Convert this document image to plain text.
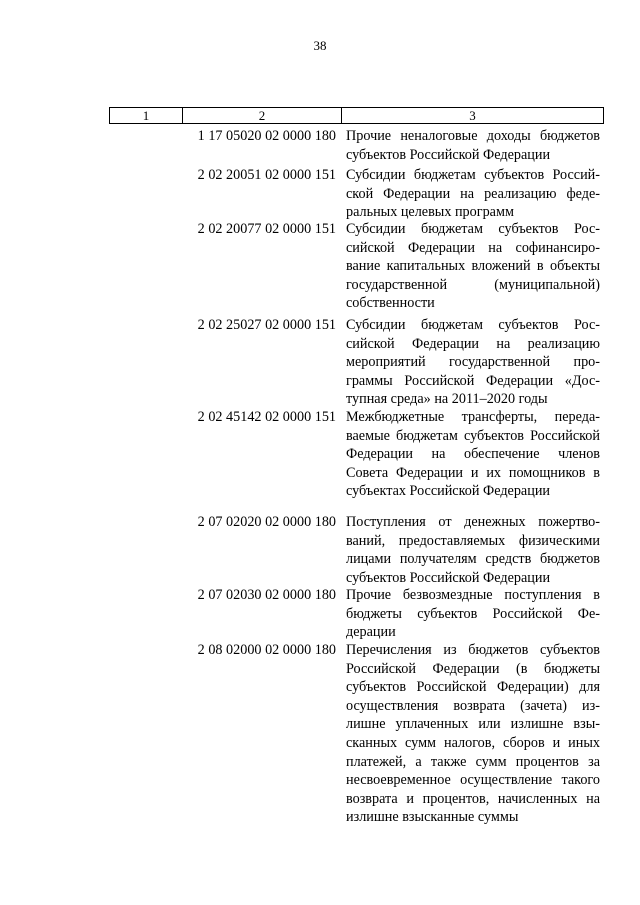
38
1	2	3
1 17 05020 02 0000 180 Прочие неналоговые доходы бюджетов субъектов Российской Федерации
2 02 20051 02 0000 151 Субсидии бюджетам субъектов Российской Федерации на реализацию федеральных целевых программ
2 02 20077 02 0000 151 Субсидии бюджетам субъектов Российской Федерации на софинансирование капитальных вложений в объекты государственной (муниципальной) собственности
2 02 25027 02 0000 151 Субсидии бюджетам субъектов Российской Федерации на реализацию мероприятий государственной программы Российской Федерации «Доступная среда» на 2011–2020 годы
2 02 45142 02 0000 151 Межбюджетные трансферты, передаваемые бюджетам субъектов Российской Федерации на обеспечение членов Совета Федерации и их помощников в субъектах Российской Федерации
2 07 02020 02 0000 180 Поступления от денежных пожертвований, предоставляемых физическими лицами получателям средств бюджетов субъектов Российской Федерации
2 07 02030 02 0000 180 Прочие безвозмездные поступления в бюджеты субъектов Российской Федерации
2 08 02000 02 0000 180 Перечисления из бюджетов субъектов Российской Федерации (в бюджеты субъектов Российской Федерации) для осуществления возврата (зачета) излишне уплаченных или излишне взысканных сумм налогов, сборов и иных платежей, а также сумм процентов за несвоевременное осуществление такого возврата и процентов, начисленных на излишне взысканные суммы
